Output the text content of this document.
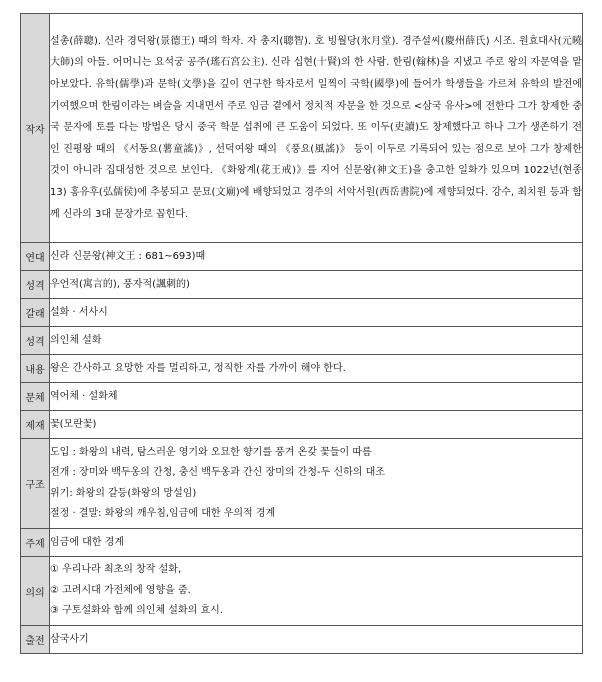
작자	설총(薛聰). 신라 경덕왕(景德王) 때의 학자. 자 총지(聰智). 호 빙월당(氷月堂). 경주설씨(慶州薛氏) 시조. 원효대사(元曉大師)의 아들. 어머니는 요석궁 공주(瑤石宮公主). 신라 십현(十賢)의 한 사람. 한림(翰林)을 지냈고 주로 왕의 자문역을 맡아보았다. 유학(儒學)과 문학(文學)을 깊이 연구한 학자로서 일찍이 국학(國學)에 들어가 학생들을 가르쳐 유학의 발전에 기여했으며 한림이라는 벼슬을 지내면서 주로 임금 곁에서 정치적 자문을 한 것으로 <삼국 유사>에 전한다 그가 창제한 중국 문자에 토를 다는 방법은 당시 중국 학문 섭취에 큰 도움이 되었다. 또 이두(吏讀)도 창제했다고 하나 그가 생존하기 전인 진평왕 때의 《서동요(薯童謠)》, 선덕여왕 때의 《풍요(風謠)》 등이 이두로 기록되어 있는 점으로 보아 그가 창제한 것이 아니라 집대성한 것으로 보인다. 《화왕계(花王戒)》를 지어 신문왕(神文王)을 충고한 일화가 있으며 1022년(현종 13) 홍유후(弘儒侯)에 추봉되고 문묘(文廟)에 배향되었고 경주의 서악서원(西岳書院)에 제향되었다. 강수, 최치원 등과 함께 신라의 3대 문장가로 꼽힌다.
연대	신라 신문왕(神文王 : 681~693)때
성격	우언적(寓言的), 풍자적(諷刺的)
갈래	설화 · 서사시
성격	의인체 설화
내용	왕은 간사하고 요망한 자를 멀리하고, 정직한 자를 가까이 해야 한다.
문체	역어체 · 설화체
제재	꽃(모란꽃)
구조	도입 : 화왕의 내력, 탐스러운 영기와 오묘한 향기를 풍겨 온갖 꽃들이 따름
전개 : 장미와 백두옹의 간청, 충신 백두옹과 간신 장미의 간청-두 신하의 대조
위기: 화왕의 갈등(화왕의 망설임)
절정 · 결말: 화왕의 깨우침,임금에 대한 우의적 경계

주제	임금에 대한 경계
의의	① 우리나라 최초의 창작 설화,
② 고려시대 가전체에 영향을 줌.
③ 구토설화와 함께 의인체 설화의 효시.

출전	삼국사기
